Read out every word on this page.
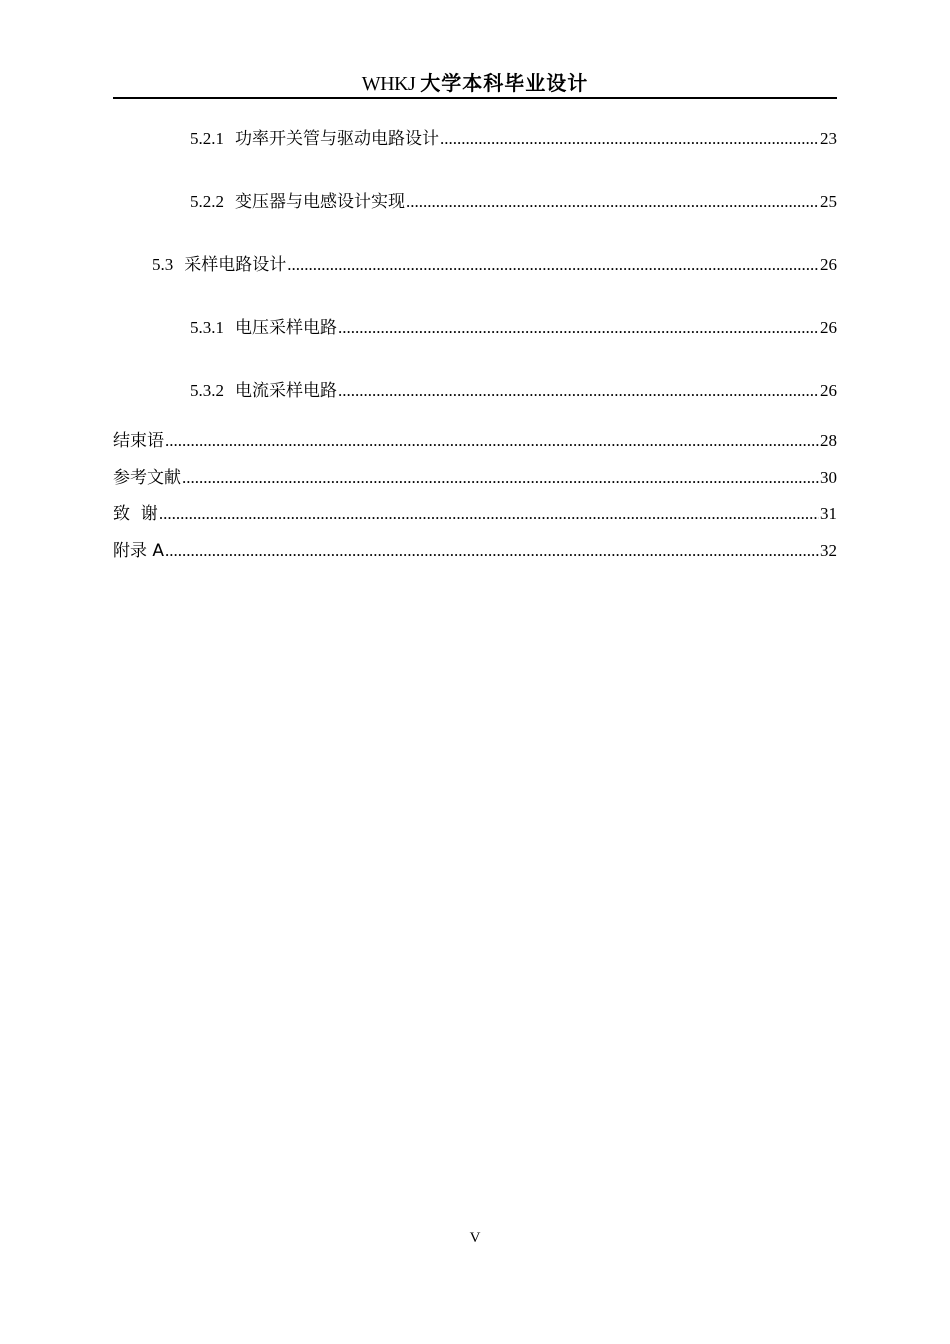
WHKJ 大学本科毕业设计
5.2.1 功率开关管与驱动电路设计 .....	23
5.2.2 变压器与电感设计实现 .....	25
5.3 采样电路设计 .....	26
5.3.1 电压采样电路 .....	26
5.3.2 电流采样电路 .....	26
结束语 .....	28
参考文献 .....	30
致  谢 .....	31
附录 A .....	32
V
